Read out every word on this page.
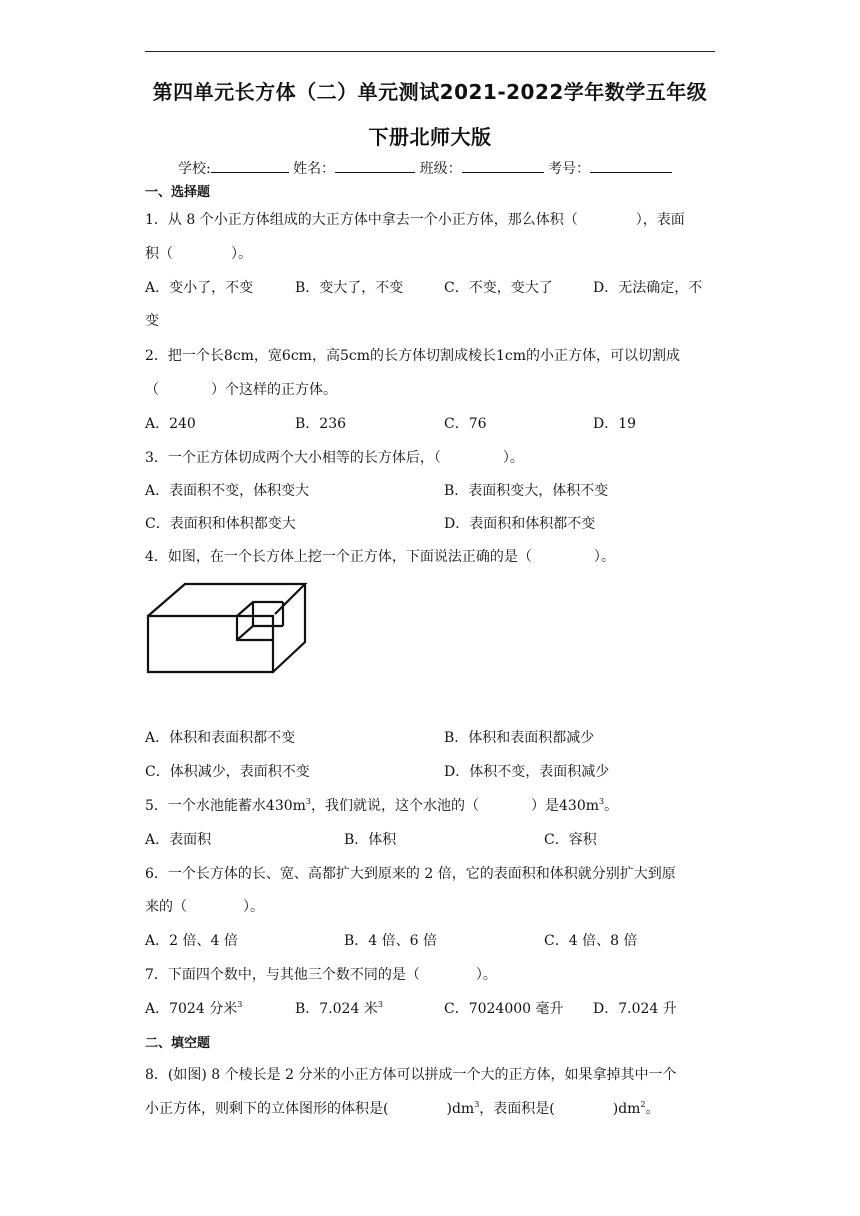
第四单元长方体（二）单元测试2021-2022学年数学五年级
下册北师大版
学校:	姓名：	班级：	考号：
一、选择题
1．从 8 个小正方体组成的大正方体中拿去一个小正方体，那么体积（	），表面
积（	）。
A．变小了，不变	B．变大了，不变	C．不变，变大了	D．无法确定，不
变
2．把一个长8cm，宽6cm，高5cm的长方体切割成棱长1cm的小正方体，可以切割成
（	）个这样的正方体。
A．240	B．236	C．76	D．19
3．一个正方体切成两个大小相等的长方体后，（	）。
A．表面积不变，体积变大	B．表面积变大，体积不变
C．表面积和体积都变大	D．表面积和体积都不变
4．如图，在一个长方体上挖一个正方体，下面说法正确的是（	）。
A．体积和表面积都不变	B．体积和表面积都减少
C．体积减少，表面积不变	D．体积不变，表面积减少
5．一个水池能蓄水$430m^3$，我们就说，这个水池的（	）是$430m^3$。
A．表面积	B．体积	C．容积
6．一个长方体的长、宽、高都扩大到原来的 2 倍，它的表面积和体积就分别扩大到原
来的（	）。
A．2 倍、4 倍	B．4 倍、6 倍	C．4 倍、8 倍
7．下面四个数中，与其他三个数不同的是（	）。
A．7024 分米$^3$	B．7.024 米$^3$	C．7024000 毫升 D．7.024 升
二、填空题
8．(如图) 8 个棱长是 2 分米的小正方体可以拼成一个大的正方体，如果拿掉其中一个
小正方体，则剩下的立体图形的体积是(	)$dm^3$，表面积是(	)$dm^2$。
